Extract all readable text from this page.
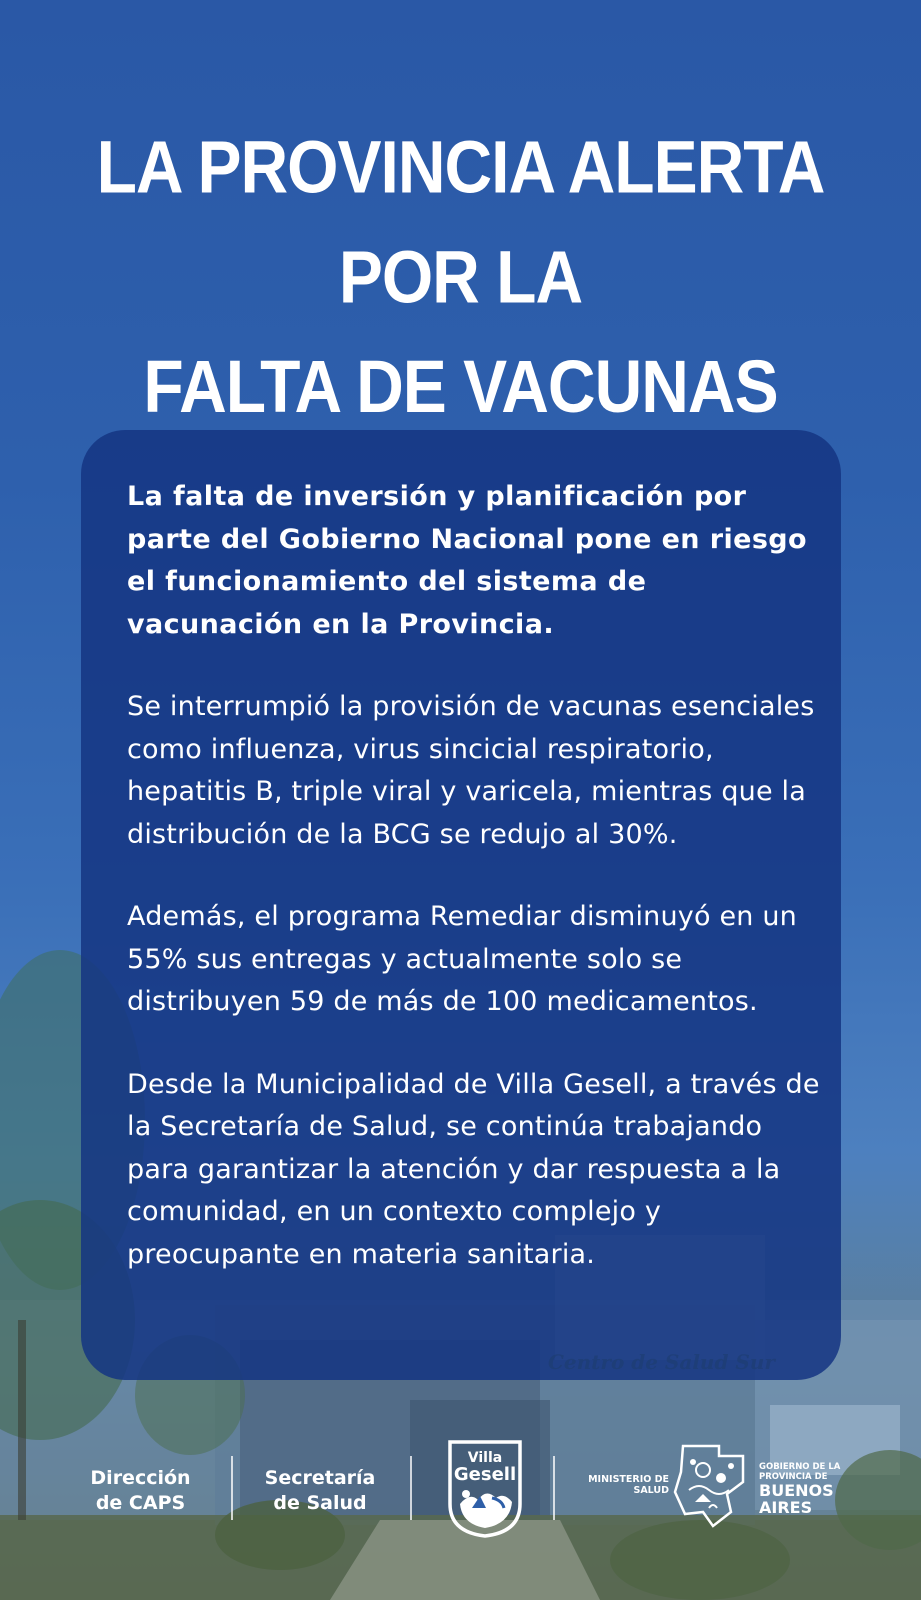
LA PROVINCIA ALERTA
POR LA
FALTA DE VACUNAS

La falta de inversión y planificación por parte del Gobierno Nacional pone en riesgo el funcionamiento del sistema de vacunación en la Provincia.

Se interrumpió la provisión de vacunas esenciales como influenza, virus sincicial respiratorio, hepatitis B, triple viral y varicela, mientras que la distribución de la BCG se redujo al 30%.

Además, el programa Remediar disminuyó en un 55% sus entregas y actualmente solo se distribuyen 59 de más de 100 medicamentos.

Desde la Municipalidad de Villa Gesell, a través de la Secretaría de Salud, se continúa trabajando para garantizar la atención y dar respuesta a la comunidad, en un contexto complejo y preocupante en materia sanitaria.

Centro de Salud Sur
Dirección
de CAPS
Secretaría
de Salud
Villa
Gesell	MINISTERIO DE
SALUD
GOBIERNO DE LA
PROVINCIA DE
BUENOS
AIRES
